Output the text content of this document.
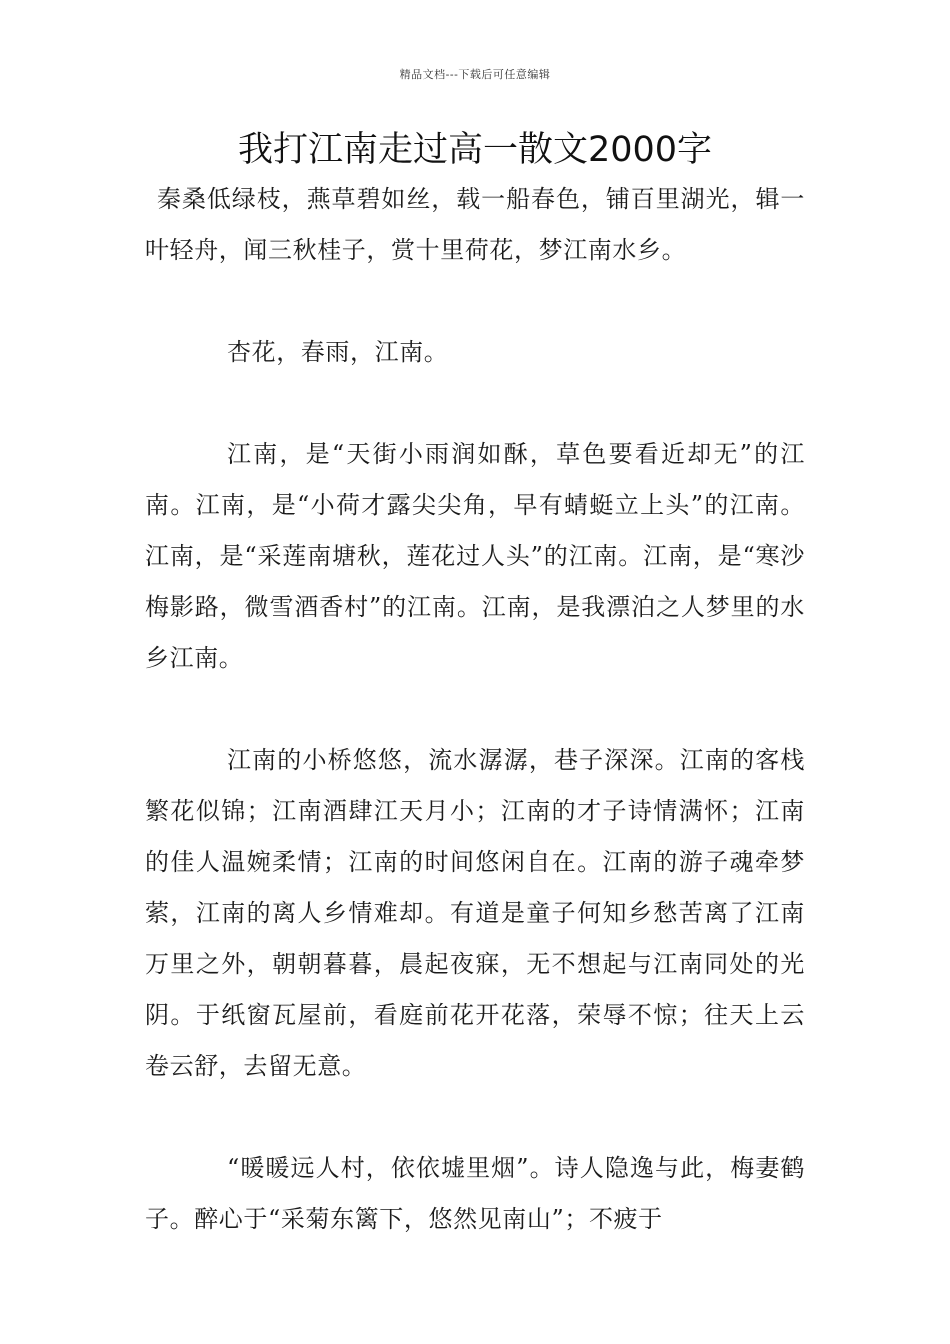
精品文档---下载后可任意编辑
我打江南走过高一散文2000字

秦桑低绿枝，燕草碧如丝，载一船春色，铺百里湖光，辑一叶轻舟，闻三秋桂子，赏十里荷花，梦江南水乡。

杏花，春雨，江南。

江南，是“天街小雨润如酥，草色要看近却无”的江南。江南，是“小荷才露尖尖角，早有蜻蜓立上头”的江南。江南，是“采莲南塘秋，莲花过人头”的江南。江南，是“寒沙梅影路，微雪酒香村”的江南。江南，是我漂泊之人梦里的水乡江南。

江南的小桥悠悠，流水潺潺，巷子深深。江南的客栈繁花似锦；江南酒肆江天月小；江南的才子诗情满怀；江南的佳人温婉柔情；江南的时间悠闲自在。江南的游子魂牵梦萦，江南的离人乡情难却。有道是童子何知乡愁苦离了江南万里之外，朝朝暮暮，晨起夜寐，无不想起与江南同处的光阴。于纸窗瓦屋前，看庭前花开花落，荣辱不惊；往天上云卷云舒，去留无意。

“暖暖远人村，依依墟里烟”。诗人隐逸与此，梅妻鹤子。醉心于“采菊东篱下，悠然见南山”；不疲于
